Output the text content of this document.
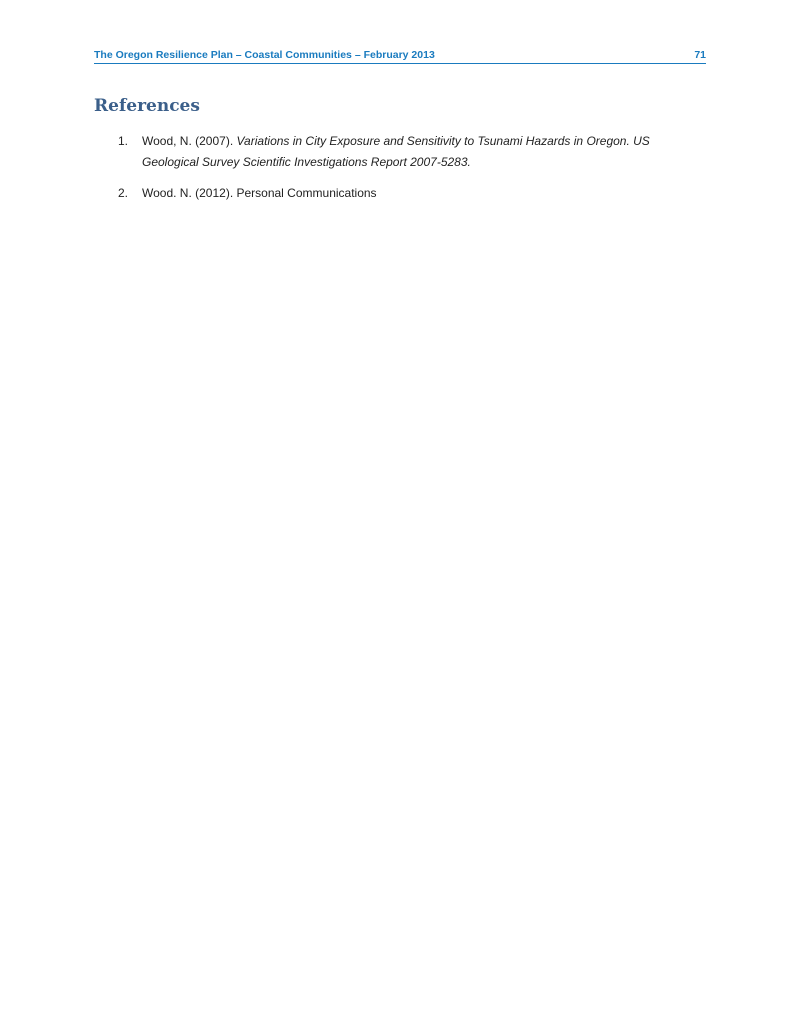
The Oregon Resilience Plan – Coastal Communities – February 2013	71
References
1.	Wood, N. (2007). Variations in City Exposure and Sensitivity to Tsunami Hazards in Oregon. US Geological Survey Scientific Investigations Report 2007-5283.
2.	Wood. N. (2012). Personal Communications
